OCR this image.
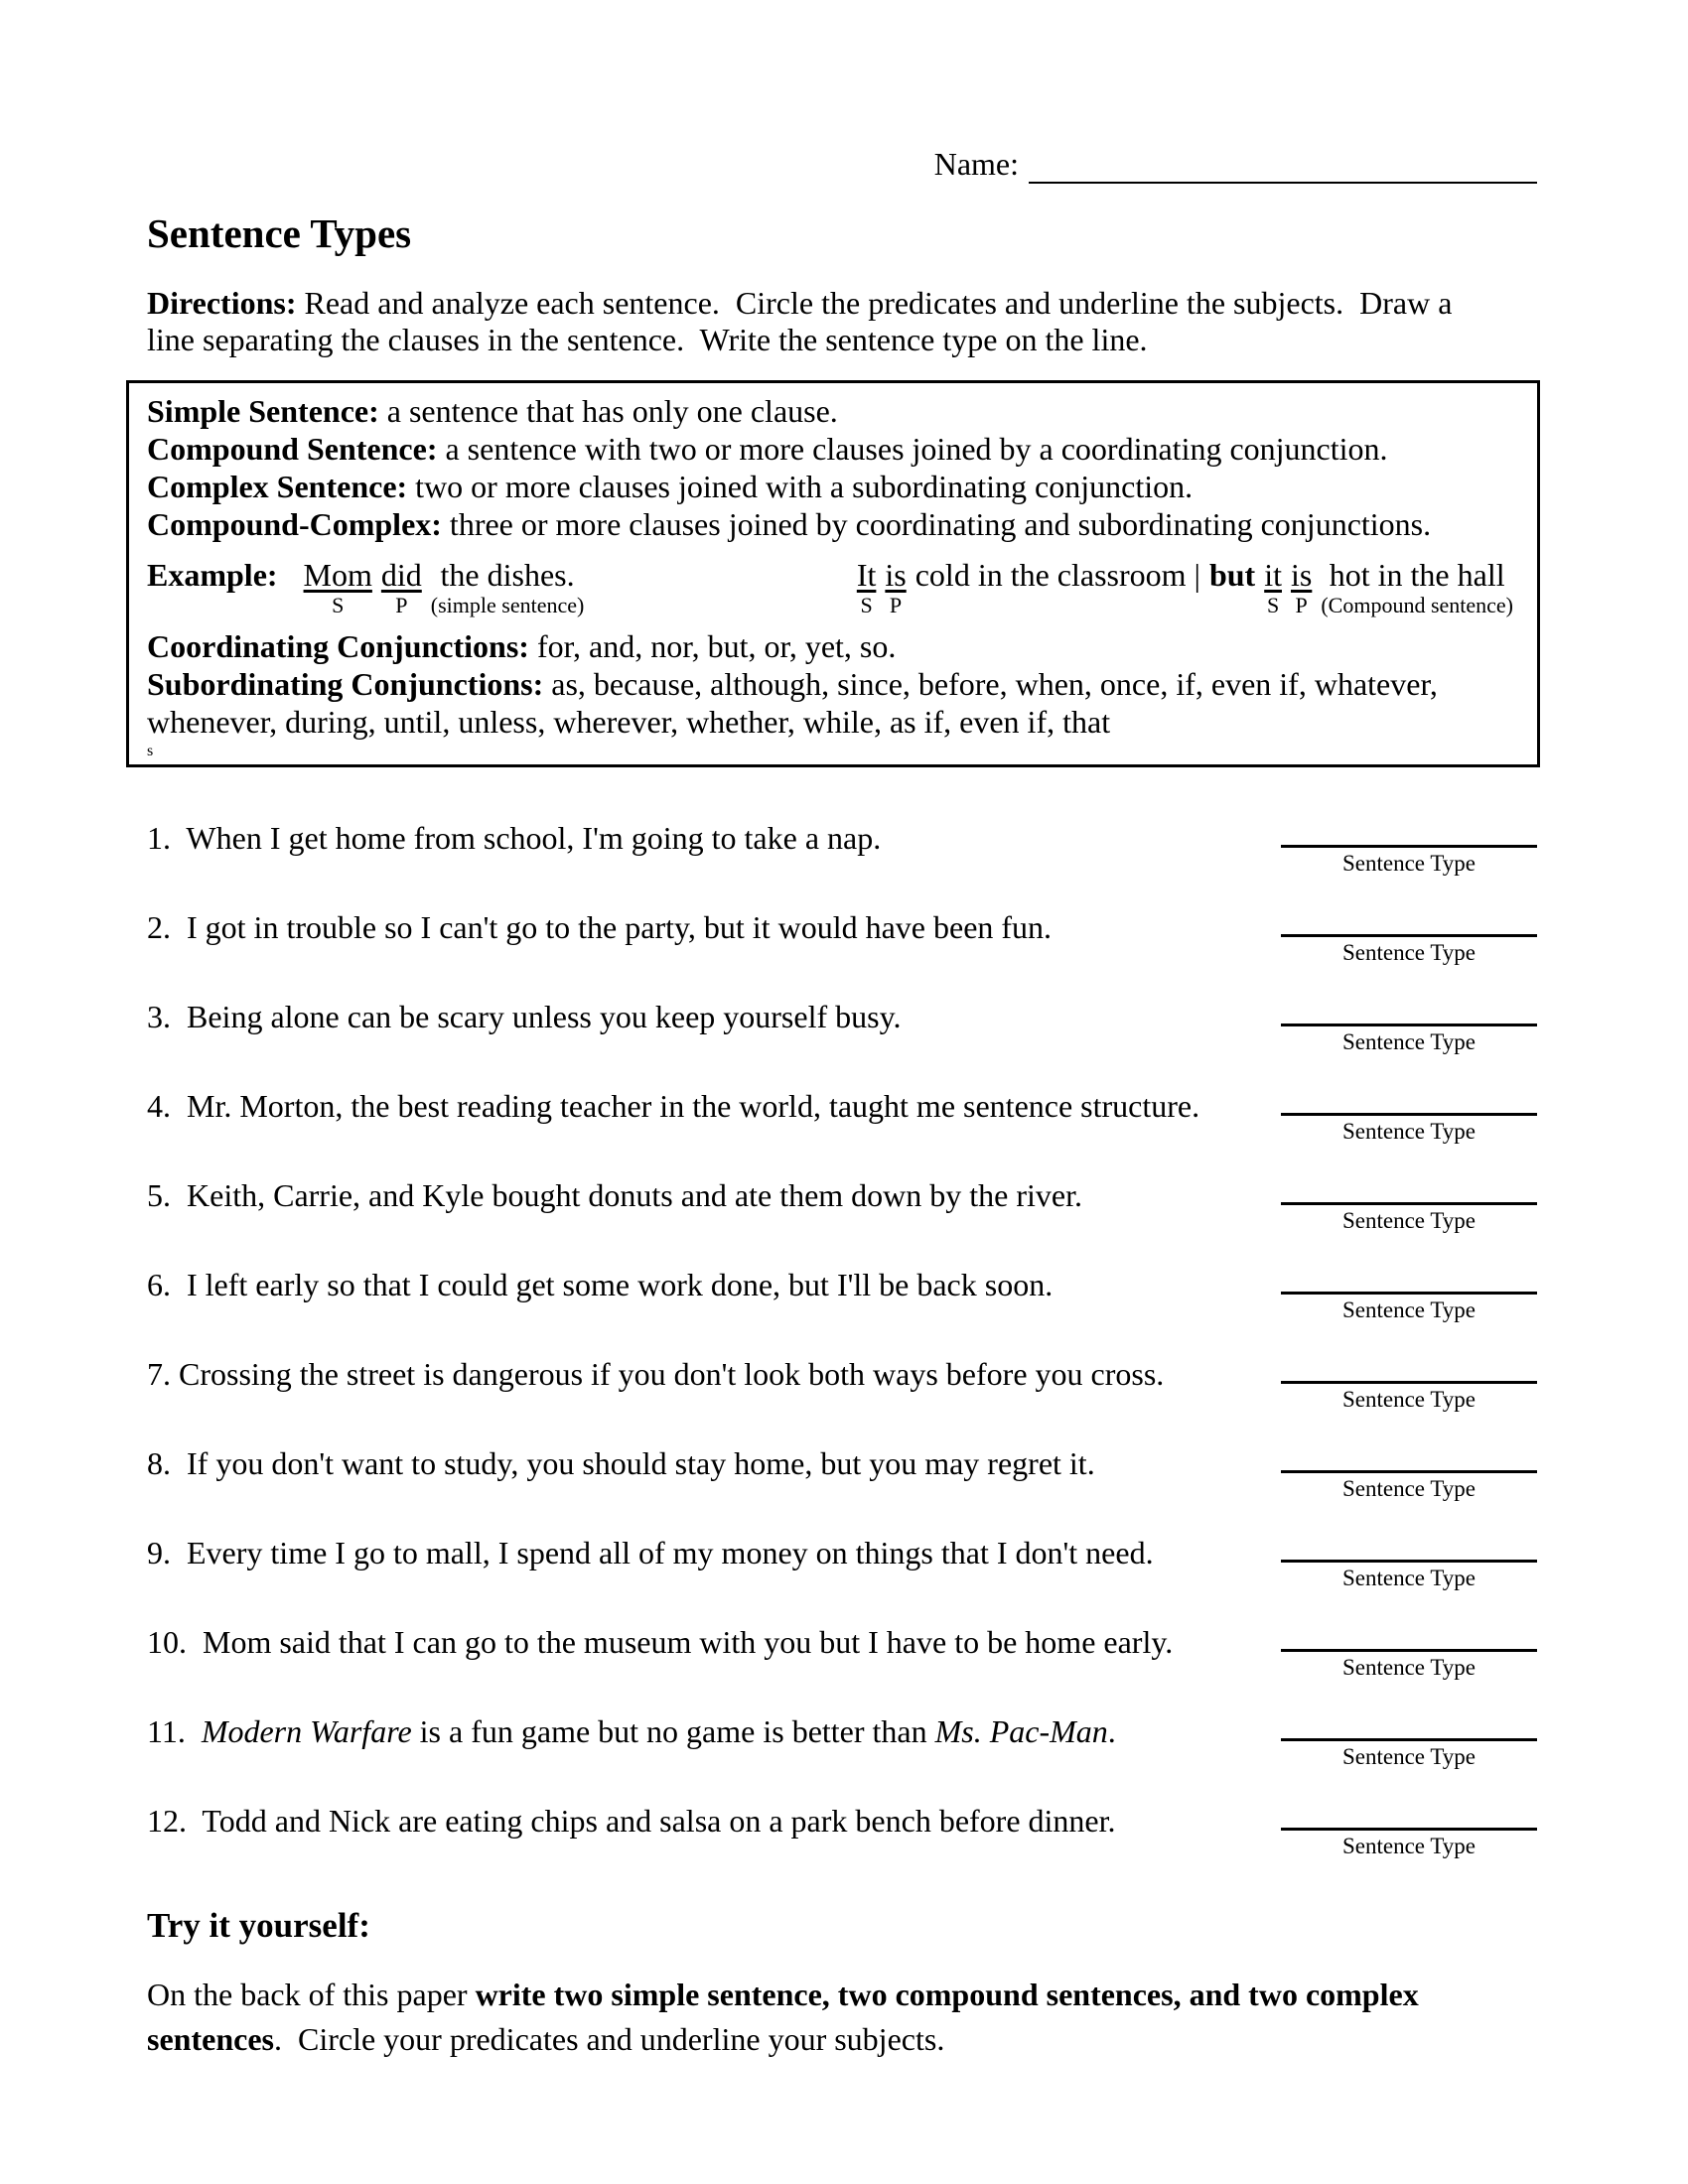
Name:
Sentence Types
Directions: Read and analyze each sentence.  Circle the predicates and underline the subjects.  Draw a
line separating the clauses in the sentence.  Write the sentence type on the line.
Simple Sentence: a sentence that has only one clause.
Compound Sentence: a sentence with two or more clauses joined by a coordinating conjunction.
Complex Sentence: two or more clauses joined with a subordinating conjunction.
Compound-Complex: three or more clauses joined by coordinating and subordinating conjunctions.
Example: Mom
S
did
P
the dishes.
(simple sentence)
It
S
is
P
cold in the classroom | but it
S
is
P
hot in the hall
(Compound sentence)
Coordinating Conjunctions: for, and, nor, but, or, yet, so.
Subordinating Conjunctions: as, because, although, since, before, when, once, if, even if, whatever,
whenever, during, until, unless, wherever, whether, while, as if, even if, that
s
1.  When I get home from school, I'm going to take a nap.
Sentence Type
2.  I got in trouble so I can't go to the party, but it would have been fun.
Sentence Type
3.  Being alone can be scary unless you keep yourself busy.
Sentence Type
4.  Mr. Morton, the best reading teacher in the world, taught me sentence structure.
Sentence Type
5.  Keith, Carrie, and Kyle bought donuts and ate them down by the river.
Sentence Type
6.  I left early so that I could get some work done, but I'll be back soon.
Sentence Type
7. Crossing the street is dangerous if you don't look both ways before you cross.
Sentence Type
8.  If you don't want to study, you should stay home, but you may regret it.
Sentence Type
9.  Every time I go to mall, I spend all of my money on things that I don't need.
Sentence Type
10.  Mom said that I can go to the museum with you but I have to be home early.
Sentence Type
11.  Modern Warfare is a fun game but no game is better than Ms. Pac-Man.
Sentence Type
12.  Todd and Nick are eating chips and salsa on a park bench before dinner.
Sentence Type
Try it yourself:
On the back of this paper write two simple sentence, two compound sentences, and two complex
sentences.  Circle your predicates and underline your subjects.
